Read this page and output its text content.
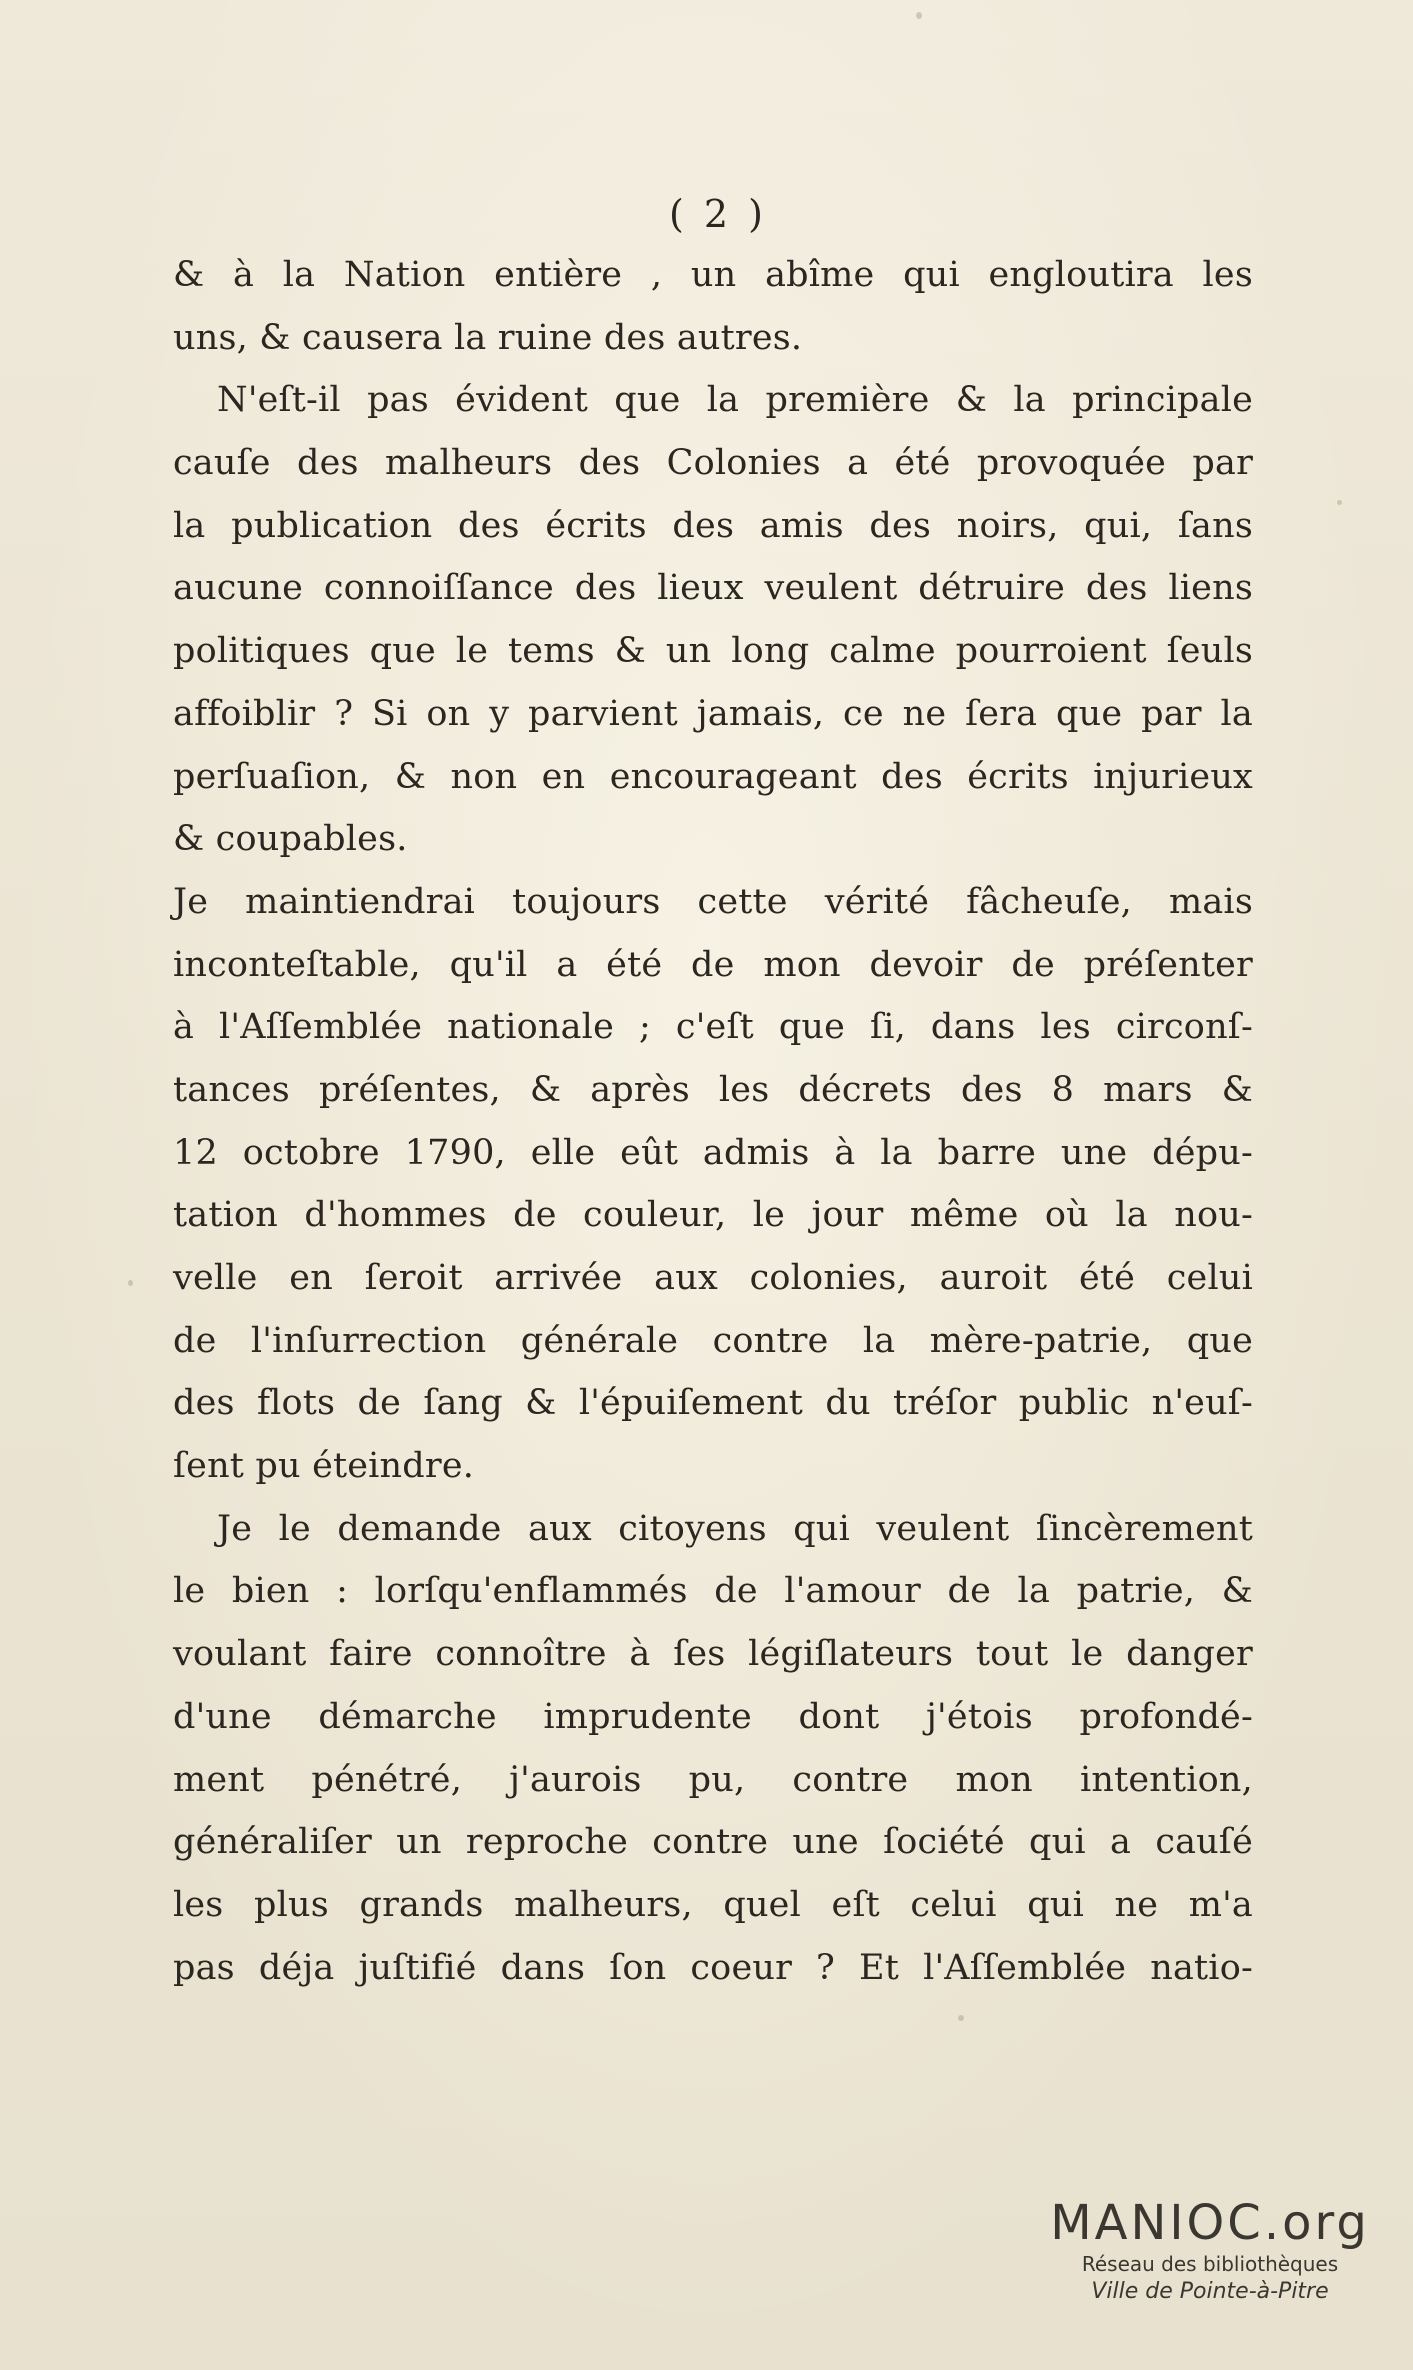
( 2 )
& à la Nation entière , un abîme qui engloutira les
uns, & causera la ruine des autres.
N'eſt-il pas évident que la première & la principale
cauſe des malheurs des Colonies a été provoquée par
la publication des écrits des amis des noirs, qui, ſans
aucune connoiſſance des lieux veulent détruire des liens
politiques que le tems & un long calme pourroient ſeuls
affoiblir ? Si on y parvient jamais, ce ne ſera que par la
perſuaſion, & non en encourageant des écrits injurieux
& coupables.
Je maintiendrai toujours cette vérité fâcheuſe, mais
inconteſtable, qu'il a été de mon devoir de préſenter
à l'Aſſemblée nationale ; c'eſt que ſi, dans les circonſ-
tances préſentes, & après les décrets des 8 mars &
12 octobre 1790, elle eût admis à la barre une dépu-
tation d'hommes de couleur, le jour même où la nou-
velle en ſeroit arrivée aux colonies, auroit été celui
de l'inſurrection générale contre la mère-patrie, que
des flots de ſang & l'épuiſement du tréſor public n'euſ-
ſent pu éteindre.
Je le demande aux citoyens qui veulent ſincèrement
le bien : lorſqu'enflammés de l'amour de la patrie, &
voulant faire connoître à ſes légiſlateurs tout le danger
d'une démarche imprudente dont j'étois profondé-
ment pénétré, j'aurois pu, contre mon intention,
généraliſer un reproche contre une ſociété qui a cauſé
les plus grands malheurs, quel eſt celui qui ne m'a
pas déja juſtifié dans ſon coeur ? Et l'Aſſemblée natio-
MANIOC.org
Réseau des bibliothèques
Ville de Pointe-à-Pitre
